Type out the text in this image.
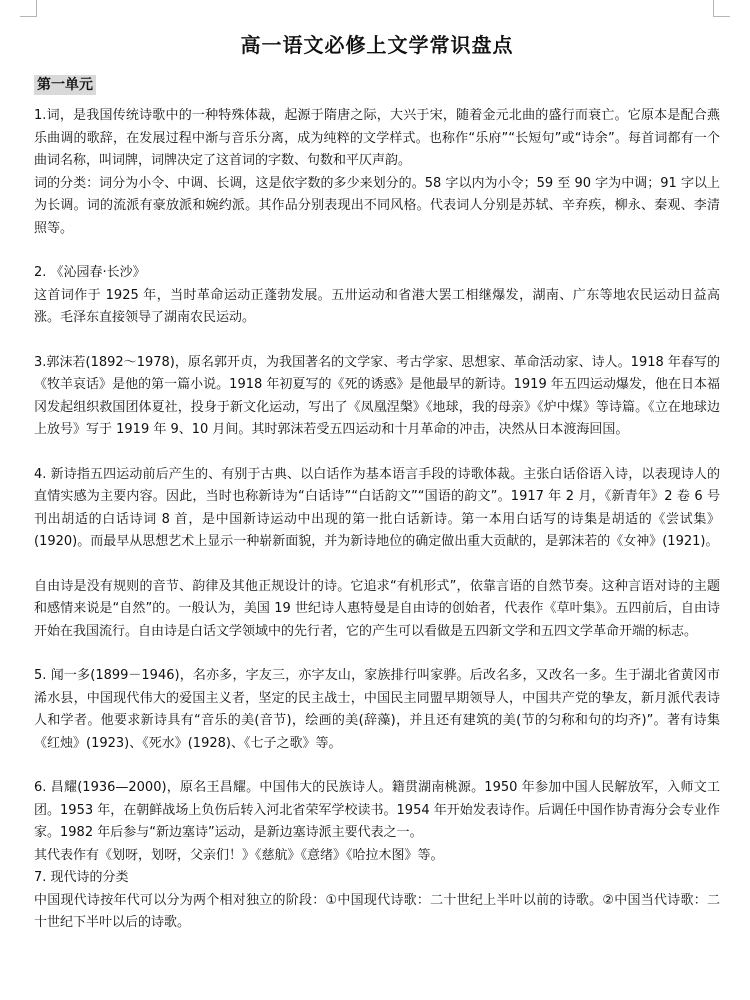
高一语文必修上文学常识盘点
第一单元

1.词，是我国传统诗歌中的一种特殊体裁，起源于隋唐之际，大兴于宋，随着金元北曲的盛行而衰亡。它原本是配合燕乐曲调的歌辞，在发展过程中渐与音乐分离，成为纯粹的文学样式。也称作“乐府”“长短句”或“诗余”。每首词都有一个曲词名称，叫词牌，词牌决定了这首词的字数、句数和平仄声韵。

词的分类：词分为小令、中调、长调，这是依字数的多少来划分的。58 字以内为小令；59 至 90 字为中调；91 字以上为长调。词的流派有豪放派和婉约派。其作品分别表现出不同风格。代表词人分别是苏轼、辛弃疾，柳永、秦观、李清照等。

2. 《沁园春·长沙》

这首词作于 1925 年，当时革命运动正蓬勃发展。五卅运动和省港大罢工相继爆发，湖南、广东等地农民运动日益高涨。毛泽东直接领导了湖南农民运动。

3.郭沫若(1892～1978)，原名郭开贞，为我国著名的文学家、考古学家、思想家、革命活动家、诗人。1918 年春写的《牧羊哀话》是他的第一篇小说。1918 年初夏写的《死的诱惑》是他最早的新诗。1919 年五四运动爆发，他在日本福冈发起组织救国团体夏社，投身于新文化运动，写出了《凤凰涅槃》《地球，我的母亲》《炉中煤》等诗篇。《立在地球边上放号》写于 1919 年 9、10 月间。其时郭沫若受五四运动和十月革命的冲击，决然从日本渡海回国。

4. 新诗指五四运动前后产生的、有别于古典、以白话作为基本语言手段的诗歌体裁。主张白话俗语入诗，以表现诗人的直情实感为主要内容。因此，当时也称新诗为“白话诗”“白话韵文”“国语的韵文”。1917 年 2 月，《新青年》2 卷 6 号刊出胡适的白话诗词 8 首，是中国新诗运动中出现的第一批白话新诗。第一本用白话写的诗集是胡适的《尝试集》(1920)。而最早从思想艺术上显示一种崭新面貌，并为新诗地位的确定做出重大贡献的，是郭沫若的《女神》(1921)。

自由诗是没有规则的音节、韵律及其他正规设计的诗。它追求“有机形式”，依靠言语的自然节奏。这种言语对诗的主题和感情来说是“自然”的。一般认为，美国 19 世纪诗人惠特曼是自由诗的创始者，代表作《草叶集》。五四前后，自由诗开始在我国流行。自由诗是白话文学领域中的先行者，它的产生可以看做是五四新文学和五四文学革命开端的标志。

5. 闻一多(1899－1946)，名亦多，字友三，亦字友山，家族排行叫家骅。后改名多，又改名一多。生于湖北省黄冈市浠水县，中国现代伟大的爱国主义者，坚定的民主战士，中国民主同盟早期领导人，中国共产党的挚友，新月派代表诗人和学者。他要求新诗具有“音乐的美(音节)，绘画的美(辞藻)，并且还有建筑的美(节的匀称和句的均齐)”。著有诗集《红烛》(1923)、《死水》(1928)、《七子之歌》等。

6. 昌耀(1936—2000)，原名王昌耀。中国伟大的民族诗人。籍贯湖南桃源。1950 年参加中国人民解放军，入师文工团。1953 年，在朝鲜战场上负伤后转入河北省荣军学校读书。1954 年开始发表诗作。后调任中国作协青海分会专业作家。1982 年后参与“新边塞诗”运动，是新边塞诗派主要代表之一。

其代表作有《划呀，划呀，父亲们！》《慈航》《意绪》《哈拉木图》等。

7. 现代诗的分类

中国现代诗按年代可以分为两个相对独立的阶段：①中国现代诗歌：二十世纪上半叶以前的诗歌。②中国当代诗歌：二十世纪下半叶以后的诗歌。
